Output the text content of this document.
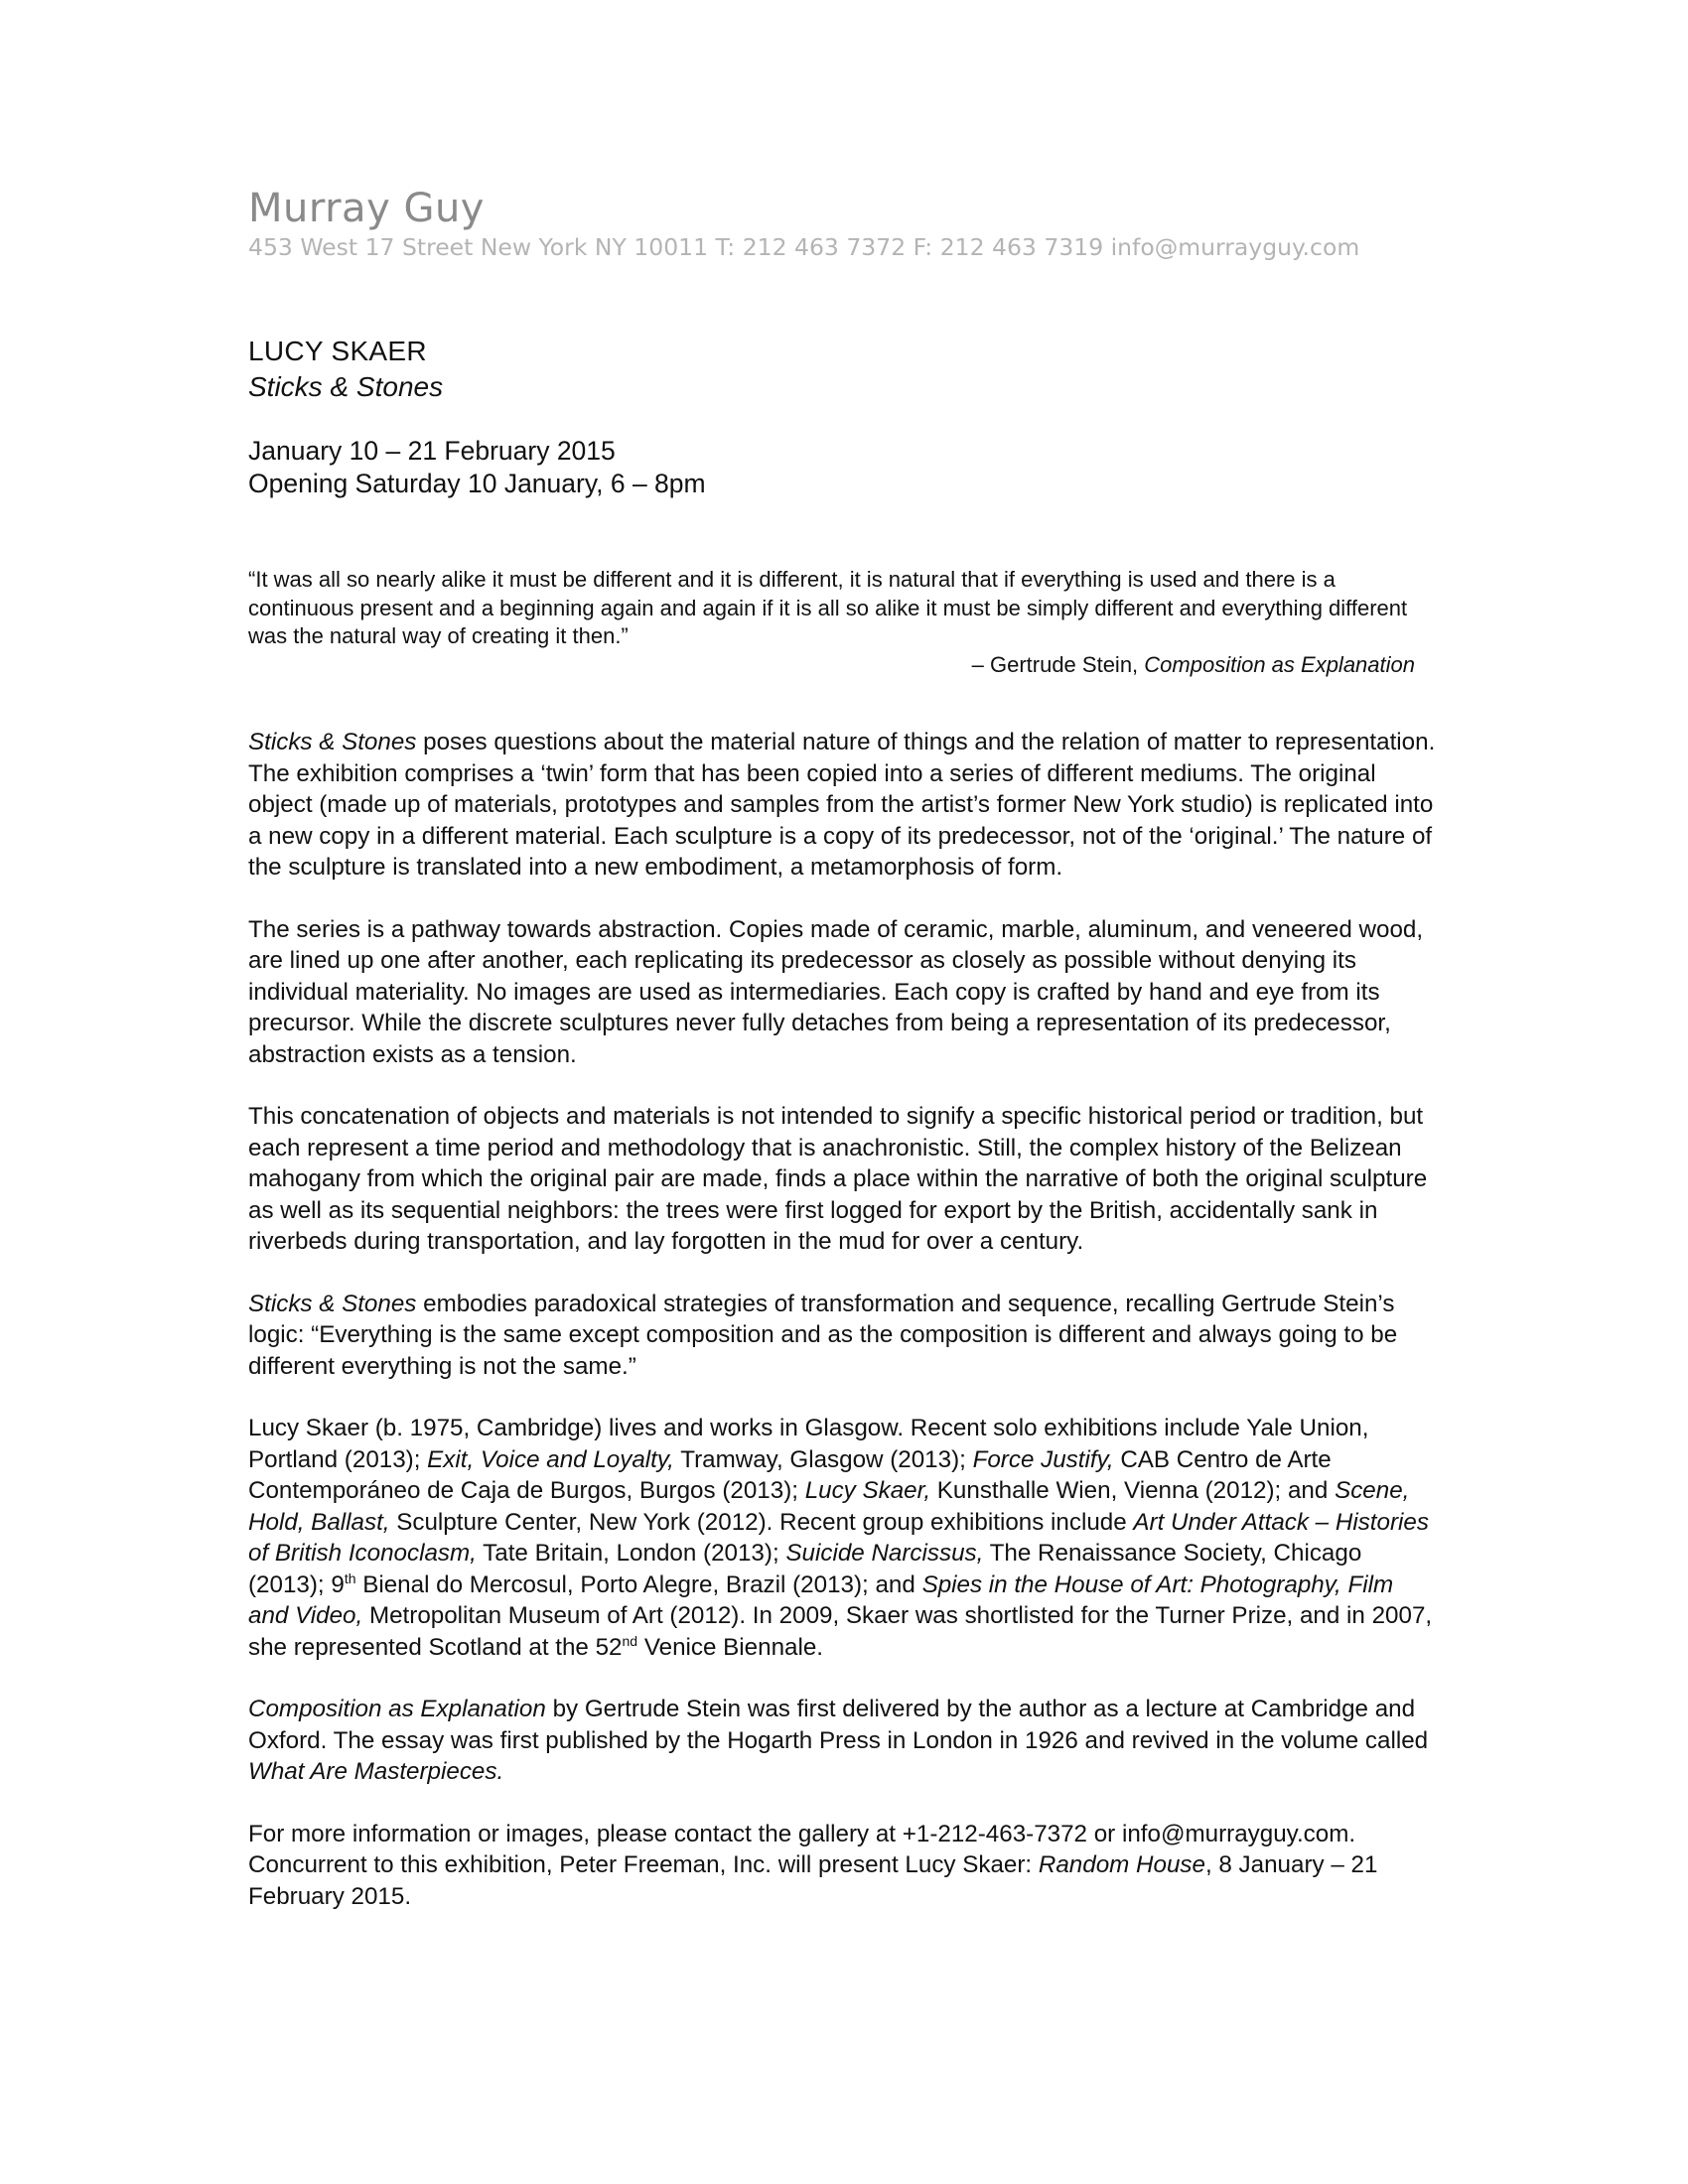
Murray Guy
453 West 17 Street New York NY 10011 T: 212 463 7372 F: 212 463 7319 info@murrayguy.com
LUCY SKAER
Sticks & Stones
January 10 – 21 February 2015
Opening Saturday 10 January, 6 – 8pm
“It was all so nearly alike it must be different and it is different, it is natural that if everything is used and there is a continuous present and a beginning again and again if it is all so alike it must be simply different and everything different was the natural way of creating it then.”
– Gertrude Stein, Composition as Explanation
Sticks & Stones poses questions about the material nature of things and the relation of matter to representation. The exhibition comprises a ‘twin’ form that has been copied into a series of different mediums. The original object (made up of materials, prototypes and samples from the artist’s former New York studio) is replicated into a new copy in a different material. Each sculpture is a copy of its predecessor, not of the ‘original.’ The nature of the sculpture is translated into a new embodiment, a metamorphosis of form.
The series is a pathway towards abstraction. Copies made of ceramic, marble, aluminum, and veneered wood, are lined up one after another, each replicating its predecessor as closely as possible without denying its individual materiality. No images are used as intermediaries. Each copy is crafted by hand and eye from its precursor. While the discrete sculptures never fully detaches from being a representation of its predecessor, abstraction exists as a tension.
This concatenation of objects and materials is not intended to signify a specific historical period or tradition, but each represent a time period and methodology that is anachronistic. Still, the complex history of the Belizean mahogany from which the original pair are made, finds a place within the narrative of both the original sculpture as well as its sequential neighbors: the trees were first logged for export by the British, accidentally sank in riverbeds during transportation, and lay forgotten in the mud for over a century.
Sticks & Stones embodies paradoxical strategies of transformation and sequence, recalling Gertrude Stein’s logic: “Everything is the same except composition and as the composition is different and always going to be different everything is not the same.”
Lucy Skaer (b. 1975, Cambridge) lives and works in Glasgow. Recent solo exhibitions include Yale Union, Portland (2013); Exit, Voice and Loyalty, Tramway, Glasgow (2013); Force Justify, CAB Centro de Arte Contemporáneo de Caja de Burgos, Burgos (2013); Lucy Skaer, Kunsthalle Wien, Vienna (2012); and Scene, Hold, Ballast, Sculpture Center, New York (2012). Recent group exhibitions include Art Under Attack – Histories of British Iconoclasm, Tate Britain, London (2013); Suicide Narcissus, The Renaissance Society, Chicago (2013); 9th Bienal do Mercosul, Porto Alegre, Brazil (2013); and Spies in the House of Art: Photography, Film and Video, Metropolitan Museum of Art (2012). In 2009, Skaer was shortlisted for the Turner Prize, and in 2007, she represented Scotland at the 52nd Venice Biennale.
Composition as Explanation by Gertrude Stein was first delivered by the author as a lecture at Cambridge and Oxford. The essay was first published by the Hogarth Press in London in 1926 and revived in the volume called What Are Masterpieces.
For more information or images, please contact the gallery at +1-212-463-7372 or info@murrayguy.com. Concurrent to this exhibition, Peter Freeman, Inc. will present Lucy Skaer: Random House, 8 January – 21 February 2015.
